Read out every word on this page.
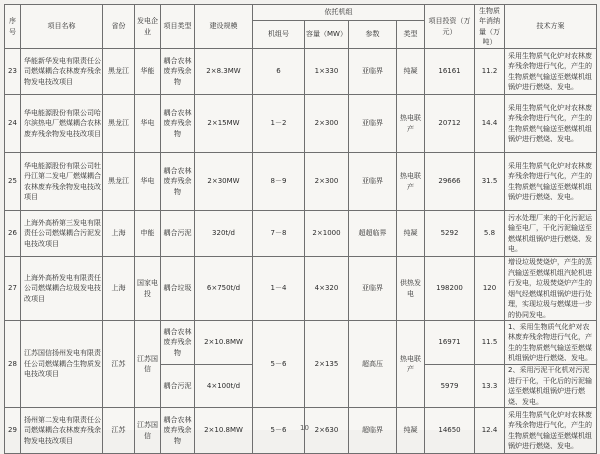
序号	项目名称	省份	发电企业	项目类型	建设规模	依托机组				项目投资（万元）	生物质年消纳量（万吨）	技术方案
						机组号	容量（MW）	参数	类型			
23	华能新华发电有限责任公司燃煤耦合农林废弃残余物发电技改项目	黑龙江	华能	耦合农林废弃残余物	2×8.3MW	6	1×330	亚临界	纯凝	16161	11.2	采用生物质气化炉对农林废弃残余物进行气化，产生的生物质燃气输送至燃煤机组锅炉进行燃烧、发电。
24	华电能源股份有限公司哈尔滨热电厂燃煤耦合农林废弃残余物发电技改项目	黑龙江	华电	耦合农林废弃残余物	2×15MW	1－2	2×300	亚临界	热电联产	20712	14.4	采用生物质气化炉对农林废弃残余物进行气化，产生的生物质燃气输送至燃煤机组锅炉进行燃烧、发电。
25	华电能源股份有限公司牡丹江第二发电厂燃煤耦合农林废弃残余物发电技改项目	黑龙江	华电	耦合农林废弃残余物	2×30MW	8－9	2×300	亚临界	热电联产	29666	31.5	采用生物质气化炉对农林废弃残余物进行气化，产生的生物质燃气输送至燃煤机组锅炉进行燃烧、发电。
26	上海外高桥第三发电有限责任公司燃煤耦合污泥发电技改项目	上海	申能	耦合污泥	320t/d	7－8	2×1000	超超临界	纯凝	5292	5.8	污水处理厂来的干化污泥运输至电厂，干化污泥输送至燃煤机组锅炉进行燃烧、发电。
27	上海外高桥发电有限责任公司燃煤耦合垃圾发电技改项目	上海	国家电投	耦合垃圾	6×750t/d	1－4	4×320	亚临界	供热发电	198200	120	增设垃圾焚烧炉，产生的蒸汽输送至燃煤机组汽轮机进行发电，垃圾焚烧炉产生的烟气经燃煤机组锅炉进行处理，实现垃圾与燃煤进一步的协同发电。
28	江苏国信扬州发电有限责任公司燃煤耦合生物质发电技改项目	江苏	江苏国信	耦合农林废弃残余物	2×10.8MW	5－6	2×135	超高压	热电联产	16971	11.5	1、采用生物质气化炉对农林废弃残余物进行气化，产生的生物质燃气输送至燃煤机组锅炉进行燃烧、发电。
				耦合污泥	4×100t/d					5979	13.3	2、采用污泥干化机对污泥进行干化，干化后的污泥输送至燃煤机组锅炉进行燃烧、发电。
29	扬州第二发电有限责任公司燃煤耦合农林废弃残余物发电技改项目	江苏	江苏国信	耦合农林废弃残余物	2×10.8MW	5－6	2×630	超临界	纯凝	14650	12.4	采用生物质气化炉对农林废弃残余物进行气化，产生的生物质燃气输送至燃煤机组锅炉进行燃烧、发电。
10
